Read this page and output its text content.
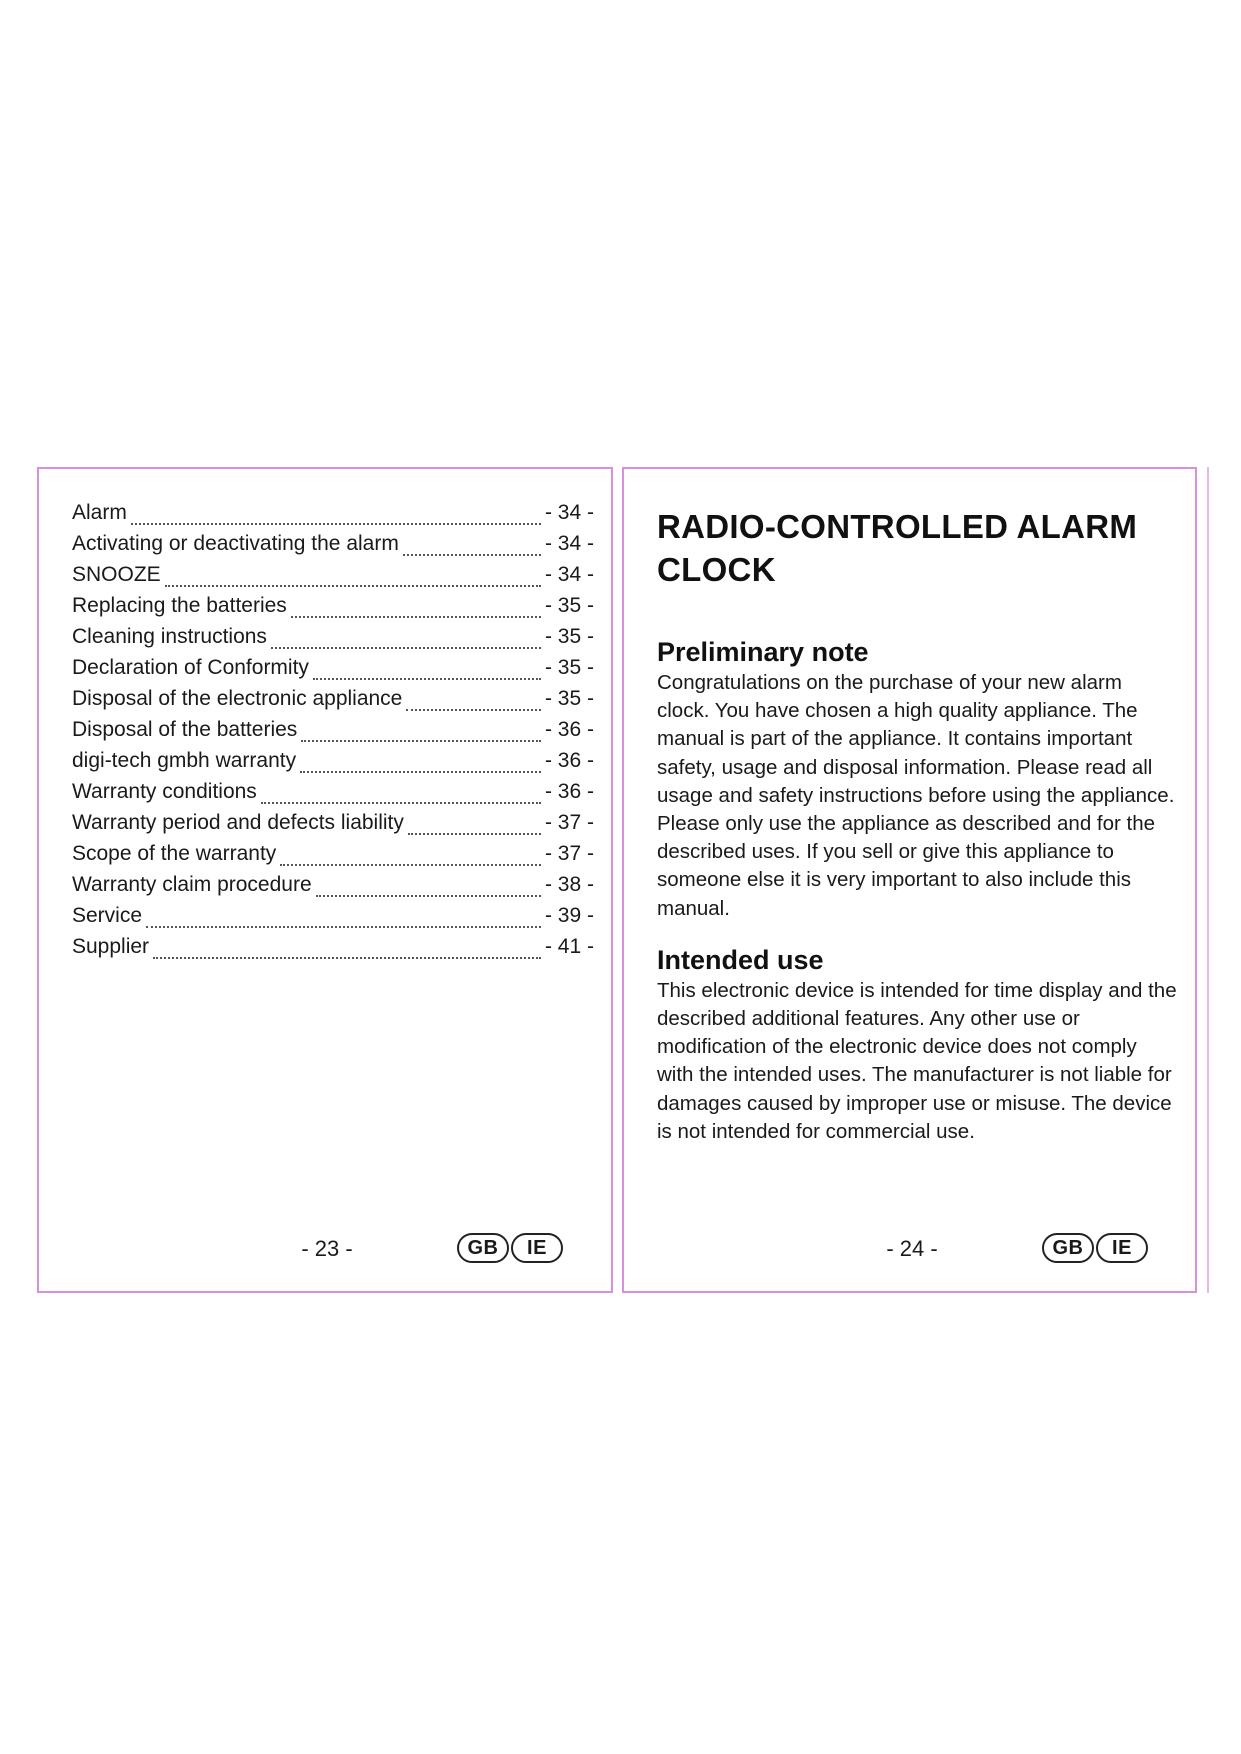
Alarm	- 34 -
Activating or deactivating the alarm	- 34 -
SNOOZE	- 34 -
Replacing the batteries	- 35 -
Cleaning instructions	- 35 -
Declaration of Conformity	- 35 -
Disposal of the electronic appliance	- 35 -
Disposal of the batteries	- 36 -
digi-tech gmbh warranty	- 36 -
Warranty conditions	- 36 -
Warranty period and defects liability	- 37 -
Scope of the warranty	- 37 -
Warranty claim procedure	- 38 -
Service	- 39 -
Supplier	- 41 -
- 23 -	GB	IE
RADIO-CONTROLLED ALARM CLOCK
Preliminary note

Congratulations on the purchase of your new alarm clock. You have chosen a high quality appliance. The manual is part of the appliance. It contains important safety, usage and disposal information. Please read all usage and safety instructions before using the appliance. Please only use the appliance as described and for the described uses. If you sell or give this appliance to someone else it is very important to also include this manual.

Intended use

This electronic device is intended for time display and the described additional features. Any other use or modification of the electronic device does not comply with the intended uses. The manufacturer is not liable for damages caused by improper use or misuse. The device is not intended for commercial use.

- 24 -	GB	IE
